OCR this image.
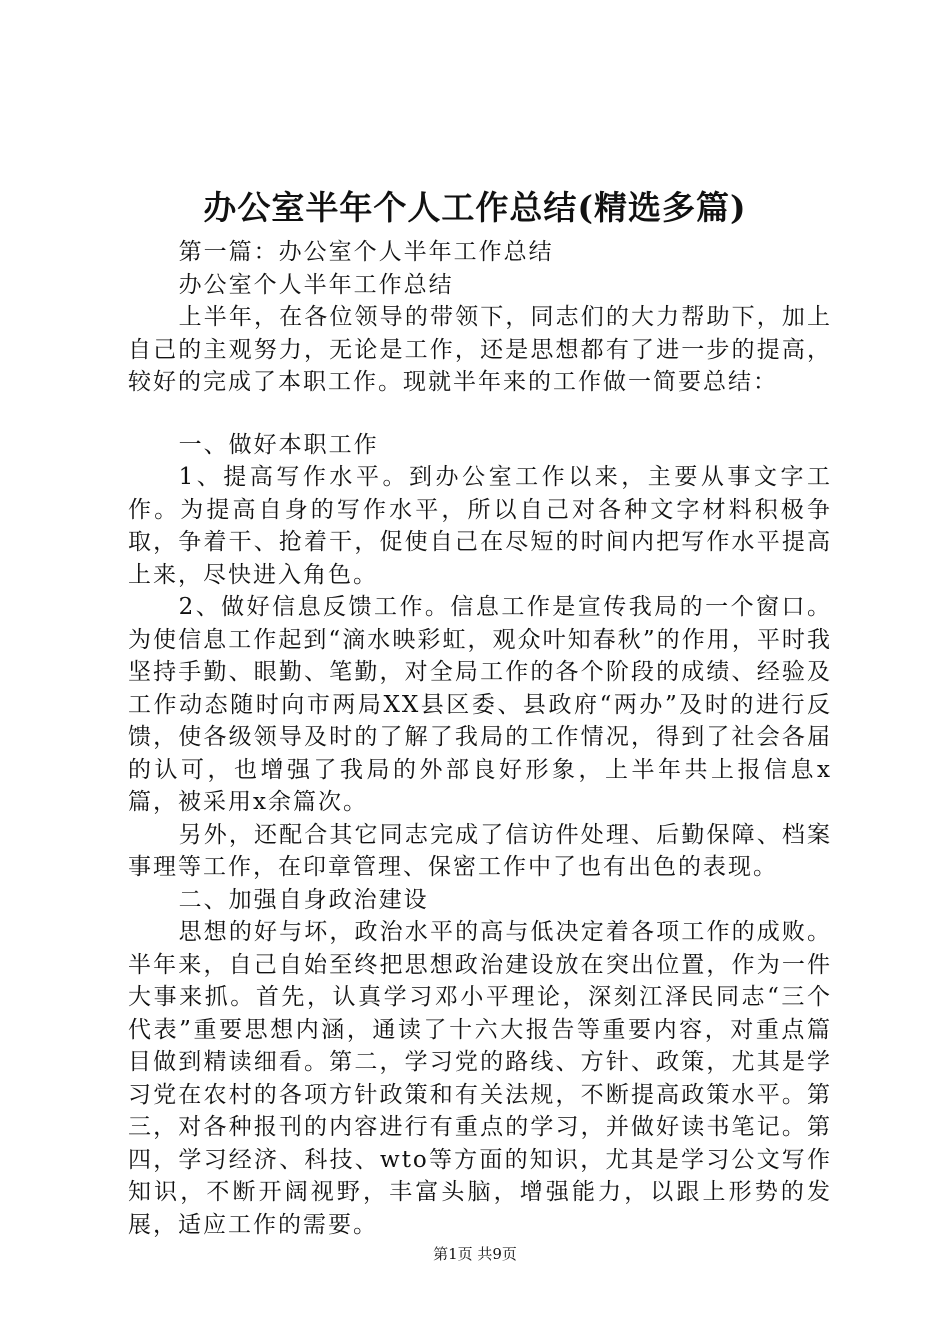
办公室半年个人工作总结(精选多篇)

第一篇：办公室个人半年工作总结

办公室个人半年工作总结

上半年，在各位领导的带领下，同志们的大力帮助下，加上自己的主观努力，无论是工作，还是思想都有了进一步的提高，较好的完成了本职工作。现就半年来的工作做一简要总结：

一、做好本职工作

1、提高写作水平。到办公室工作以来，主要从事文字工作。为提高自身的写作水平，所以自己对各种文字材料积极争取，争着干、抢着干，促使自己在尽短的时间内把写作水平提高上来，尽快进入角色。

2、做好信息反馈工作。信息工作是宣传我局的一个窗口。为使信息工作起到“滴水映彩虹，观众叶知春秋”的作用，平时我坚持手勤、眼勤、笔勤，对全局工作的各个阶段的成绩、经验及工作动态随时向市两局XX县区委、县政府“两办”及时的进行反馈，使各级领导及时的了解了我局的工作情况，得到了社会各届的认可，也增强了我局的外部良好形象，上半年共上报信息x篇，被采用x余篇次。

另外，还配合其它同志完成了信访件处理、后勤保障、档案事理等工作，在印章管理、保密工作中了也有出色的表现。

二、加强自身政治建设

思想的好与坏，政治水平的高与低决定着各项工作的成败。半年来，自己自始至终把思想政治建设放在突出位置，作为一件大事来抓。首先，认真学习邓小平理论，深刻江泽民同志“三个代表”重要思想内涵，通读了十六大报告等重要内容，对重点篇目做到精读细看。第二，学习党的路线、方针、政策，尤其是学习党在农村的各项方针政策和有关法规，不断提高政策水平。第三，对各种报刊的内容进行有重点的学习，并做好读书笔记。第四，学习经济、科技、wto等方面的知识，尤其是学习公文写作知识，不断开阔视野，丰富头脑，增强能力，以跟上形势的发展，适应工作的需要。

第1页 共9页
